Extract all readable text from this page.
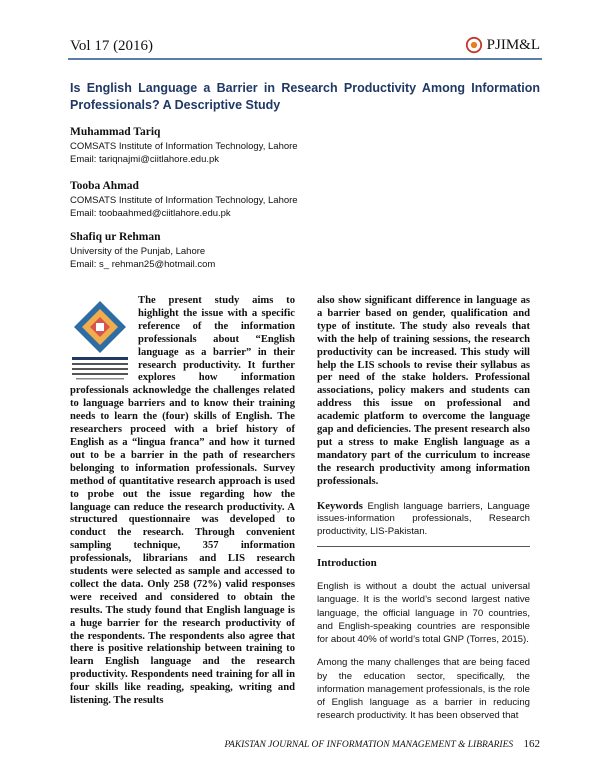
Vol 17 (2016)	PJIM&L
Is English Language a Barrier in Research Productivity Among Information Professionals? A Descriptive Study
Muhammad Tariq
COMSATS Institute of Information Technology, Lahore
Email: tariqnajmi@ciitlahore.edu.pk
Tooba Ahmad
COMSATS Institute of Information Technology, Lahore
Email: toobaahmed@ciitlahore.edu.pk
Shafiq ur Rehman
University of the Punjab, Lahore
Email: s_ rehman25@hotmail.com

The present study aims to highlight the issue with a specific reference of the information professionals about “English language as a barrier” in their research productivity. It further explores how information professionals acknowledge the challenges related to language barriers and to know their training needs to learn the (four) skills of English. The researchers proceed with a brief history of English as a “lingua franca” and how it turned out to be a barrier in the path of researchers belonging to information professionals. Survey method of quantitative research approach is used to probe out the issue regarding how the language can reduce the research productivity. A structured questionnaire was developed to conduct the research. Through convenient sampling technique, 357 information professionals, librarians and LIS research students were selected as sample and accessed to collect the data. Only 258 (72%) valid responses were received and considered to obtain the results. The study found that English language is a huge barrier for the research productivity of the respondents. The respondents also agree that there is positive relationship between training to learn English language and the research productivity. Respondents need training for all in four skills like reading, speaking, writing and listening. The results

also show significant difference in language as a barrier based on gender, qualification and type of institute. The study also reveals that with the help of training sessions, the research productivity can be increased. This study will help the LIS schools to revise their syllabus as per need of the stake holders. Professional associations, policy makers and students can address this issue on professional and academic platform to overcome the language gap and deficiencies. The present research also put a stress to make English language as a mandatory part of the curriculum to increase the research productivity among information professionals.

Keywords English language barriers, Language issues-information professionals, Research productivity, LIS-Pakistan.

Introduction

English is without a doubt the actual universal language. It is the world’s second largest native language, the official language in 70 countries, and English-speaking countries are responsible for about 40% of world’s total GNP (Torres, 2015).

Among the many challenges that are being faced by the education sector, specifically, the information management professionals, is the role of English language as a barrier in reducing research productivity. It has been observed that

PAKISTAN JOURNAL OF INFORMATION MANAGEMENT & LIBRARIES 162
